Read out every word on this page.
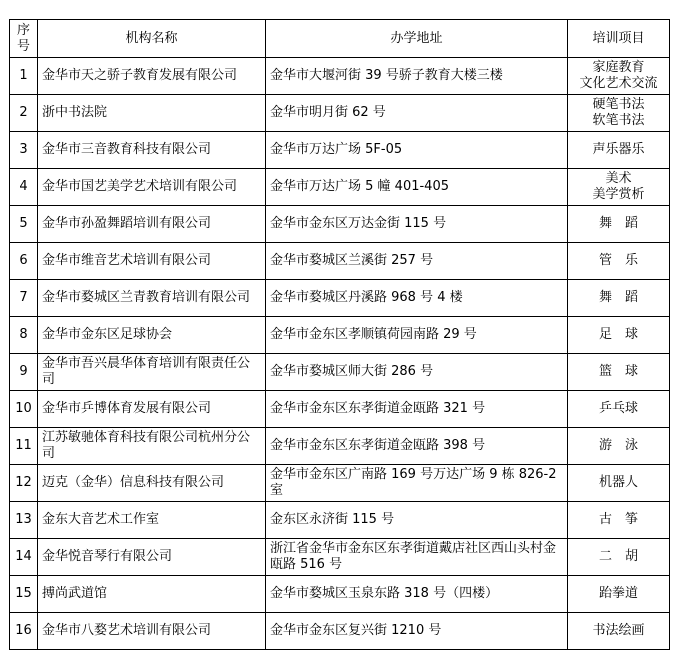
序
号	机构名称	办学地址	培训项目
1	金华市天之骄子教育发展有限公司	金华市大堰河街 39 号骄子教育大楼三楼	家庭教育
文化艺术交流
2	浙中书法院	金华市明月街 62 号	硬笔书法
软笔书法
3	金华市三音教育科技有限公司	金华市万达广场 5F-05	声乐器乐
4	金华市国艺美学艺术培训有限公司	金华市万达广场 5 幢 401-405	美术
美学赏析
5	金华市孙盈舞蹈培训有限公司	金华市金东区万达金街 115 号	舞　蹈
6	金华市维音艺术培训有限公司	金华市婺城区兰溪街 257 号	管　乐
7	金华市婺城区兰青教育培训有限公司	金华市婺城区丹溪路 968 号 4 楼	舞　蹈
8	金华市金东区足球协会	金华市金东区孝顺镇荷园南路 29 号	足　球
9	金华市吾兴晨华体育培训有限责任公司	金华市婺城区师大街 286 号	篮　球
10	金华市乒博体育发展有限公司	金华市金东区东孝街道金瓯路 321 号	乒乓球
11	江苏敏驰体育科技有限公司杭州分公司	金华市金东区东孝街道金瓯路 398 号	游　泳
12	迈克（金华）信息科技有限公司	金华市金东区广南路 169 号万达广场 9 栋 826-2 室	机器人
13	金东大音艺术工作室	金东区永济街 115 号	古　筝
14	金华悦音琴行有限公司	浙江省金华市金东区东孝街道戴店社区西山头村金瓯路 516 号	二　胡
15	搏尚武道馆	金华市婺城区玉泉东路 318 号（四楼）	跆拳道
16	金华市八婺艺术培训有限公司	金华市金东区复兴街 1210 号	书法绘画
